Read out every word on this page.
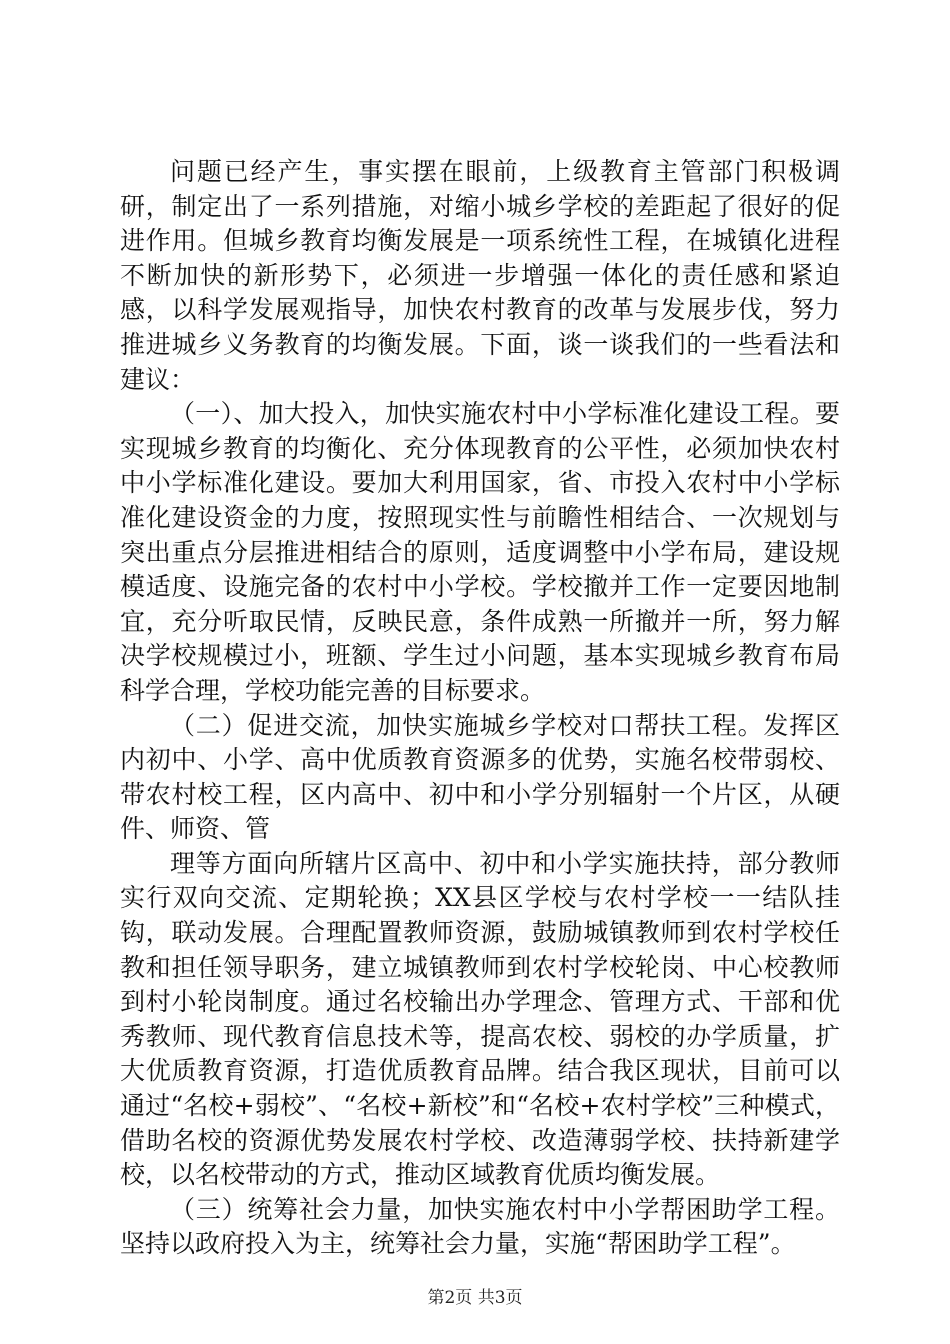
问题已经产生，事实摆在眼前，上级教育主管部门积极调研，制定出了一系列措施，对缩小城乡学校的差距起了很好的促进作用。但城乡教育均衡发展是一项系统性工程，在城镇化进程不断加快的新形势下，必须进一步增强一体化的责任感和紧迫感，以科学发展观指导，加快农村教育的改革与发展步伐，努力推进城乡义务教育的均衡发展。下面，谈一谈我们的一些看法和建议：

（一）、加大投入，加快实施农村中小学标准化建设工程。要实现城乡教育的均衡化、充分体现教育的公平性，必须加快农村中小学标准化建设。要加大利用国家，省、市投入农村中小学标准化建设资金的力度，按照现实性与前瞻性相结合、一次规划与突出重点分层推进相结合的原则，适度调整中小学布局，建设规模适度、设施完备的农村中小学校。学校撤并工作一定要因地制宜，充分听取民情，反映民意，条件成熟一所撤并一所，努力解决学校规模过小，班额、学生过小问题，基本实现城乡教育布局科学合理，学校功能完善的目标要求。

（二）促进交流，加快实施城乡学校对口帮扶工程。发挥区内初中、小学、高中优质教育资源多的优势，实施名校带弱校、带农村校工程，区内高中、初中和小学分别辐射一个片区，从硬件、师资、管

理等方面向所辖片区高中、初中和小学实施扶持，部分教师实行双向交流、定期轮换；XX县区学校与农村学校一一结队挂钩，联动发展。合理配置教师资源，鼓励城镇教师到农村学校任教和担任领导职务，建立城镇教师到农村学校轮岗、中心校教师到村小轮岗制度。通过名校输出办学理念、管理方式、干部和优秀教师、现代教育信息技术等，提高农校、弱校的办学质量，扩大优质教育资源，打造优质教育品牌。结合我区现状，目前可以通过“名校+弱校”、“名校+新校”和“名校+农村学校”三种模式，借助名校的资源优势发展农村学校、改造薄弱学校、扶持新建学校，以名校带动的方式，推动区域教育优质均衡发展。

（三）统筹社会力量，加快实施农村中小学帮困助学工程。坚持以政府投入为主，统筹社会力量，实施“帮困助学工程”。

第2页 共3页
